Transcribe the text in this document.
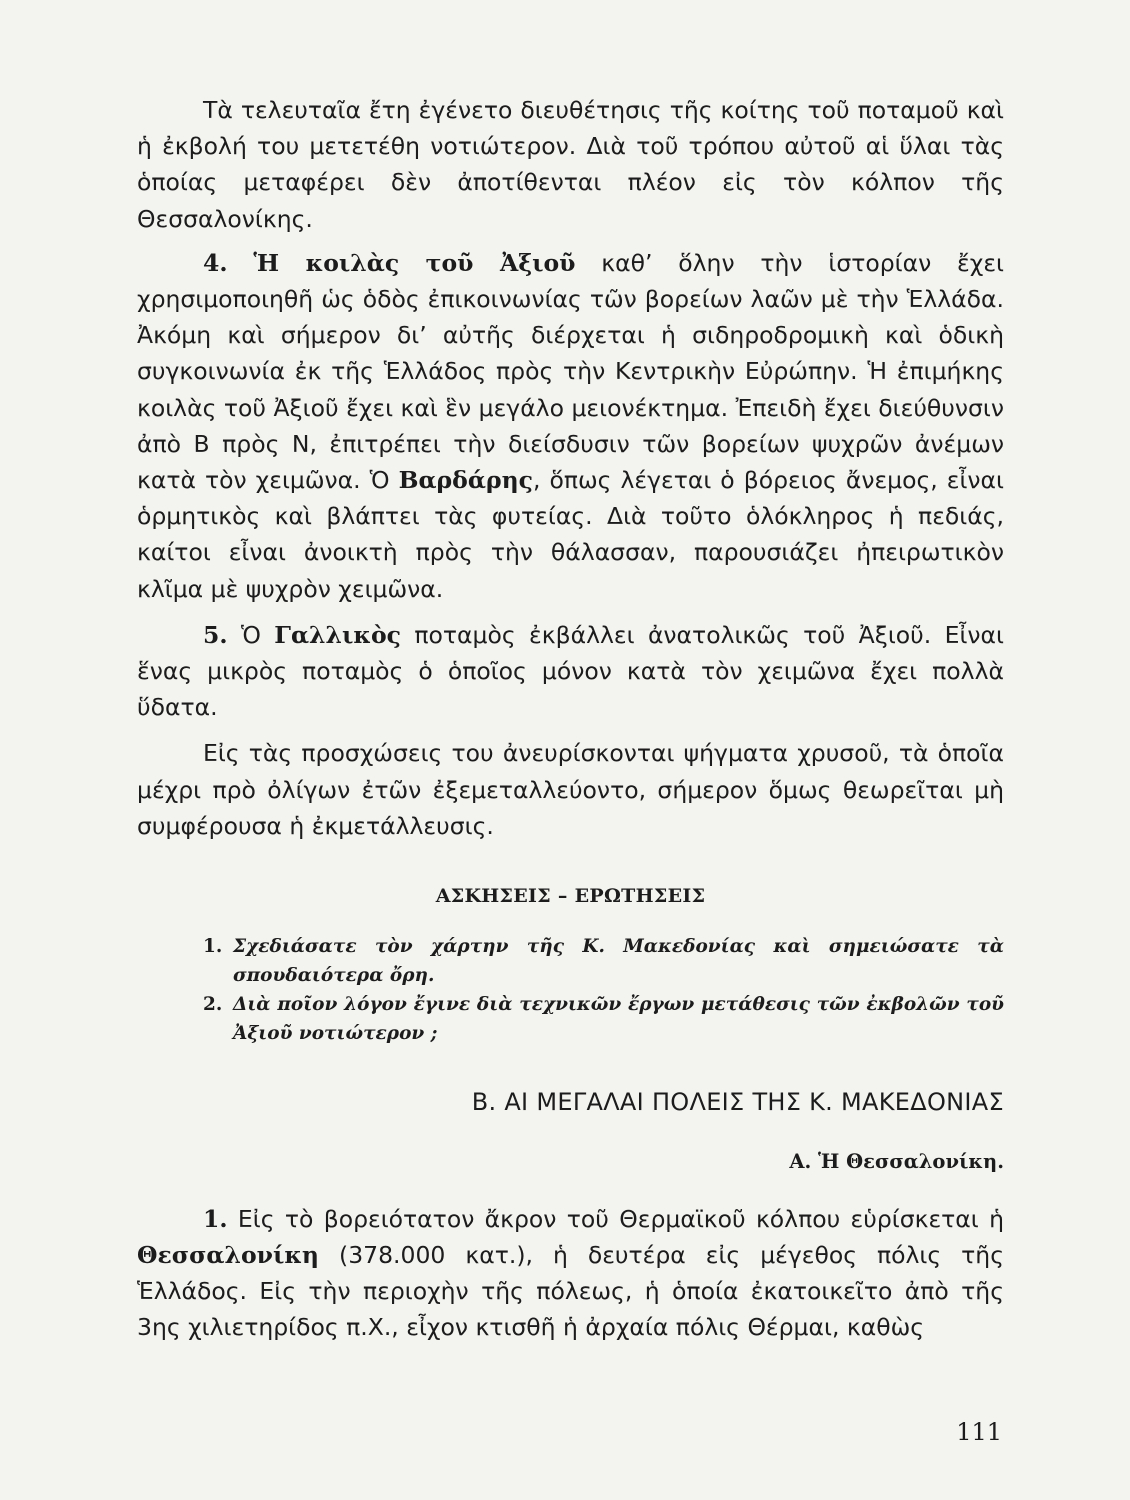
Τὰ τελευταῖα ἔτη ἐγένετο διευθέτησις τῆς κοίτης τοῦ ποταμοῦ καὶ ἡ ἐκβολή του μετετέθη νοτιώτερον. Διὰ τοῦ τρόπου αὐτοῦ αἱ ὕλαι τὰς ὁποίας μεταφέρει δὲν ἀποτίθενται πλέον εἰς τὸν κόλπον τῆς Θεσσαλονίκης.

4. Ἡ κοιλὰς τοῦ Ἀξιοῦ καθ’ ὅλην τὴν ἱστορίαν ἔχει χρησιμοποιηθῆ ὡς ὁδὸς ἐπικοινωνίας τῶν βορείων λαῶν μὲ τὴν Ἑλλάδα. Ἀκόμη καὶ σήμερον δι’ αὐτῆς διέρχεται ἡ σιδηροδρομικὴ καὶ ὁδικὴ συγκοινωνία ἐκ τῆς Ἑλλάδος πρὸς τὴν Κεντρικὴν Εὐρώπην. Ἡ ἐπιμήκης κοιλὰς τοῦ Ἀξιοῦ ἔχει καὶ ἓν μεγάλο μειονέκτημα. Ἐπειδὴ ἔχει διεύθυνσιν ἀπὸ Β πρὸς Ν, ἐπιτρέπει τὴν διείσδυσιν τῶν βορείων ψυχρῶν ἀνέμων κατὰ τὸν χειμῶνα. Ὁ Βαρδάρης, ὅπως λέγεται ὁ βόρειος ἄνεμος, εἶναι ὁρμητικὸς καὶ βλάπτει τὰς φυτείας. Διὰ τοῦτο ὁλόκληρος ἡ πεδιάς, καίτοι εἶναι ἀνοικτὴ πρὸς τὴν θάλασσαν, παρουσιάζει ἠπειρωτικὸν κλῖμα μὲ ψυχρὸν χειμῶνα.

5. Ὁ Γαλλικὸς ποταμὸς ἐκβάλλει ἀνατολικῶς τοῦ Ἀξιοῦ. Εἶναι ἕνας μικρὸς ποταμὸς ὁ ὁποῖος μόνον κατὰ τὸν χειμῶνα ἔχει πολλὰ ὕδατα.

Εἰς τὰς προσχώσεις του ἀνευρίσκονται ψήγματα χρυσοῦ, τὰ ὁποῖα μέχρι πρὸ ὀλίγων ἐτῶν ἐξεμεταλλεύοντο, σήμερον ὅμως θεωρεῖται μὴ συμφέρουσα ἡ ἐκμετάλλευσις.

ΑΣΚΗΣΕΙΣ – ΕΡΩΤΗΣΕΙΣ

1. Σχεδιάσατε τὸν χάρτην τῆς Κ. Μακεδονίας καὶ σημειώσατε τὰ σπουδαιότερα ὄρη.

2. Διὰ ποῖον λόγον ἔγινε διὰ τεχνικῶν ἔργων μετάθεσις τῶν ἐκβολῶν τοῦ Ἀξιοῦ νοτιώτερον ;

Β. ΑΙ ΜΕΓΑΛΑΙ ΠΟΛΕΙΣ ΤΗΣ Κ. ΜΑΚΕΔΟΝΙΑΣ

Α. Ἡ Θεσσαλονίκη.

1. Εἰς τὸ βορειότατον ἄκρον τοῦ Θερμαϊκοῦ κόλπου εὑρίσκεται ἡ Θεσσαλονίκη (378.000 κατ.), ἡ δευτέρα εἰς μέγεθος πόλις τῆς Ἑλλάδος. Εἰς τὴν περιοχὴν τῆς πόλεως, ἡ ὁποία ἐκατοικεῖτο ἀπὸ τῆς 3ης χιλιετηρίδος π.Χ., εἶχον κτισθῆ ἡ ἀρχαία πόλις Θέρμαι, καθὼς

111
